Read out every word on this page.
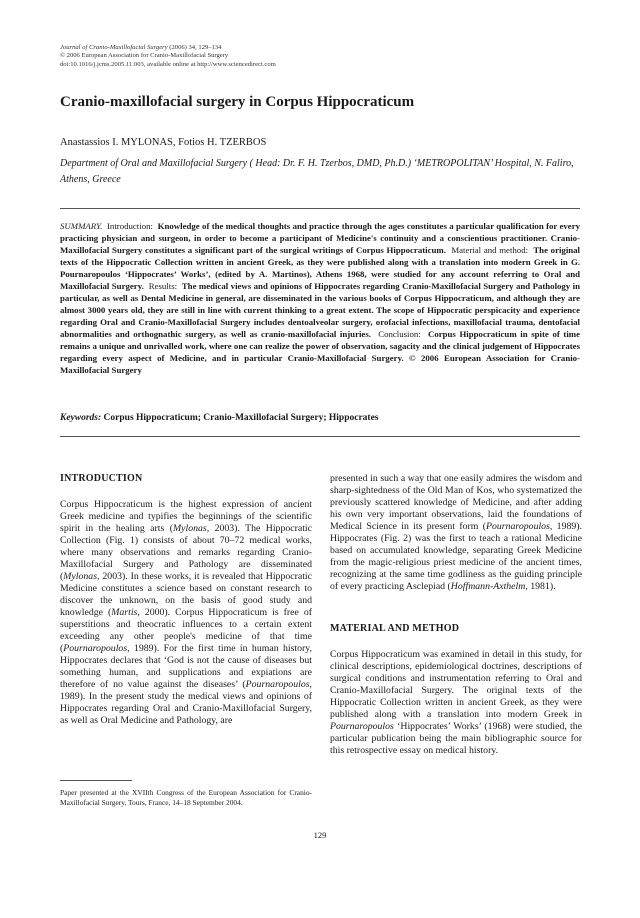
Journal of Cranio-Maxillofacial Surgery (2006) 34, 129–134
© 2006 European Association for Cranio-Maxillofacial Surgery
doi:10.1016/j.jcms.2005.11.003, available online at http://www.sciencedirect.com
Cranio-maxillofacial surgery in Corpus Hippocraticum
Anastassios I. MYLONAS, Fotios H. TZERBOS
Department of Oral and Maxillofacial Surgery ( Head: Dr. F. H. Tzerbos, DMD, Ph.D.) ‘METROPOLITAN’ Hospital, N. Faliro, Athens, Greece
SUMMARY. Introduction: Knowledge of the medical thoughts and practice through the ages constitutes a particular qualification for every practicing physician and surgeon, in order to become a participant of Medicine's continuity and a conscientious practitioner. Cranio-Maxillofacial Surgery constitutes a significant part of the surgical writings of Corpus Hippocraticum. Material and method: The original texts of the Hippocratic Collection written in ancient Greek, as they were published along with a translation into modern Greek in G. Pournaropoulos ‘Hippocrates’ Works’, (edited by A. Martinos), Athens 1968, were studied for any account referring to Oral and Maxillofacial Surgery. Results: The medical views and opinions of Hippocrates regarding Cranio-Maxillofacial Surgery and Pathology in particular, as well as Dental Medicine in general, are disseminated in the various books of Corpus Hippocraticum, and although they are almost 3000 years old, they are still in line with current thinking to a great extent. The scope of Hippocratic perspicacity and experience regarding Oral and Cranio-Maxillofacial Surgery includes dentoalveolar surgery, orofacial infections, maxillofacial trauma, dentofacial abnormalities and orthognathic surgery, as well as cranio-maxillofacial injuries. Conclusion: Corpus Hippocraticum in spite of time remains a unique and unrivalled work, where one can realize the power of observation, sagacity and the clinical judgement of Hippocrates regarding every aspect of Medicine, and in particular Cranio-Maxillofacial Surgery. © 2006 European Association for Cranio-Maxillofacial Surgery
Keywords: Corpus Hippocraticum; Cranio-Maxillofacial Surgery; Hippocrates
INTRODUCTION

Corpus Hippocraticum is the highest expression of ancient Greek medicine and typifies the beginnings of the scientific spirit in the healing arts (Mylonas, 2003). The Hippocratic Collection (Fig. 1) consists of about 70–72 medical works, where many observations and remarks regarding Cranio-Maxillofacial Surgery and Pathology are disseminated (Mylonas, 2003). In these works, it is revealed that Hippocratic Medicine constitutes a science based on constant research to discover the unknown, on the basis of good study and knowledge (Martis, 2000). Corpus Hippocraticum is free of superstitions and theocratic influences to a certain extent exceeding any other people's medicine of that time (Pournaropoulos, 1989). For the first time in human history, Hippocrates declares that ‘God is not the cause of diseases but something human, and supplications and expiations are therefore of no value against the diseases’ (Pournaropoulos, 1989). In the present study the medical views and opinions of Hippocrates regarding Oral and Cranio-Maxillofacial Surgery, as well as Oral Medicine and Pathology, are

presented in such a way that one easily admires the wisdom and sharp-sightedness of the Old Man of Kos, who systematized the previously scattered knowledge of Medicine, and after adding his own very important observations, laid the foundations of Medical Science in its present form (Pournaropoulos, 1989). Hippocrates (Fig. 2) was the first to teach a rational Medicine based on accumulated knowledge, separating Greek Medicine from the magic-religious priest medicine of the ancient times, recognizing at the same time godliness as the guiding principle of every practicing Asclepiad (Hoffmann-Axthelm, 1981).

MATERIAL AND METHOD

Corpus Hippocraticum was examined in detail in this study, for clinical descriptions, epidemiological doctrines, descriptions of surgical conditions and instrumentation referring to Oral and Cranio-Maxillofacial Surgery. The original texts of the Hippocratic Collection written in ancient Greek, as they were published along with a translation into modern Greek in Pournaropoulos ‘Hippocrates’ Works’ (1968) were studied, the particular publication being the main bibliographic source for this retrospective essay on medical history.

Paper presented at the XVIIth Congress of the European Association for Cranio-Maxillofacial Surgery, Tours, France, 14–18 September 2004.
129
